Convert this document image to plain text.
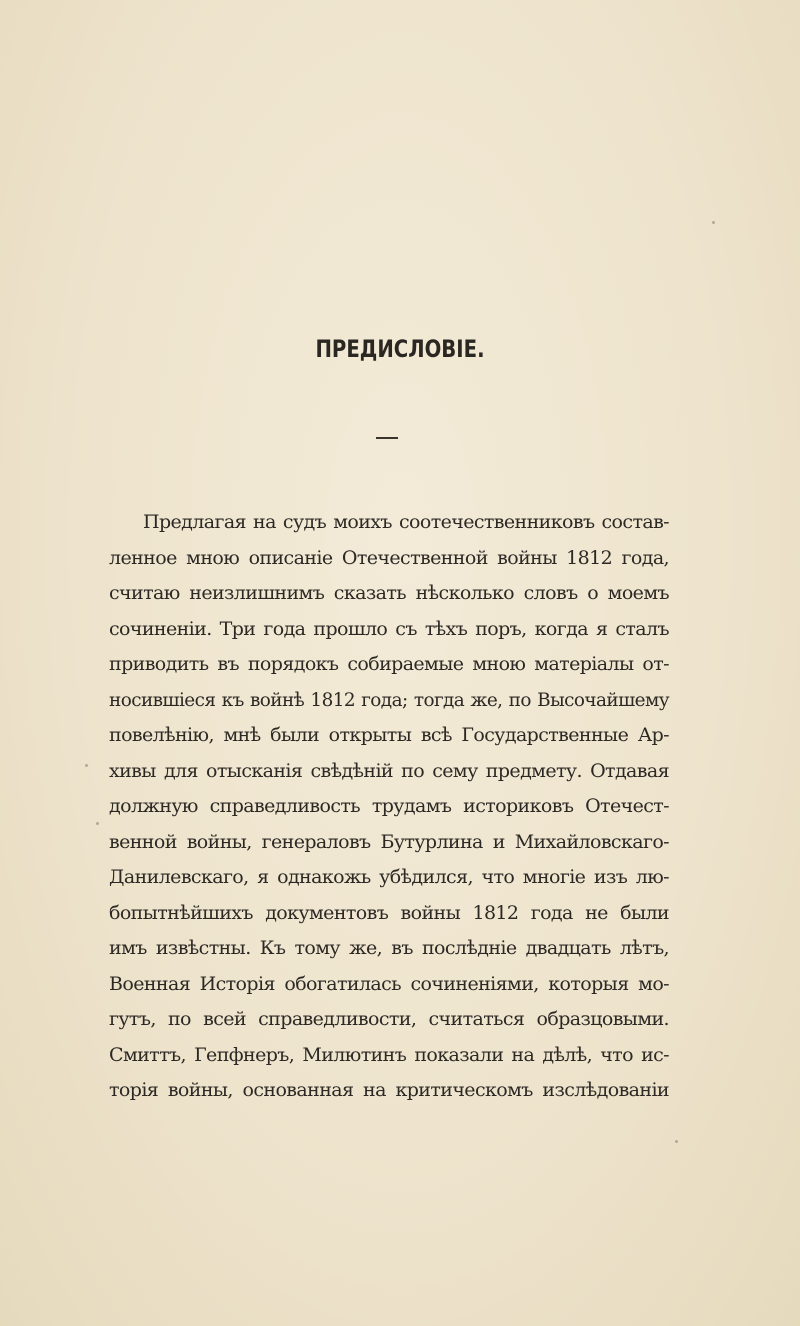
ПРЕДИСЛОВІЕ.
Предлагая на судъ моихъ соотечественниковъ состав-
ленное мною описаніе Отечественной войны 1812 года,
считаю неизлишнимъ сказать нѣсколько словъ о моемъ
сочиненіи. Три года прошло съ тѣхъ поръ, когда я сталъ
приводить въ порядокъ собираемые мною матеріалы от-
носившіеся къ войнѣ 1812 года; тогда же, по Высочайшему
повелѣнію, мнѣ были открыты всѣ Государственные Ар-
хивы для отысканія свѣдѣній по сему предмету. Отдавая
должную справедливость трудамъ историковъ Отечест-
венной войны, генераловъ Бутурлина и Михайловскаго-
Данилевскаго, я однакожь убѣдился, что многіе изъ лю-
бопытнѣйшихъ документовъ войны 1812 года не были
имъ извѣстны. Къ тому же, въ послѣдніе двадцать лѣтъ,
Военная Исторія обогатилась сочиненіями, которыя мо-
гутъ, по всей справедливости, считаться образцовыми.
Смиттъ, Гепфнеръ, Милютинъ показали на дѣлѣ, что ис-
торія войны, основанная на критическомъ изслѣдованіи
